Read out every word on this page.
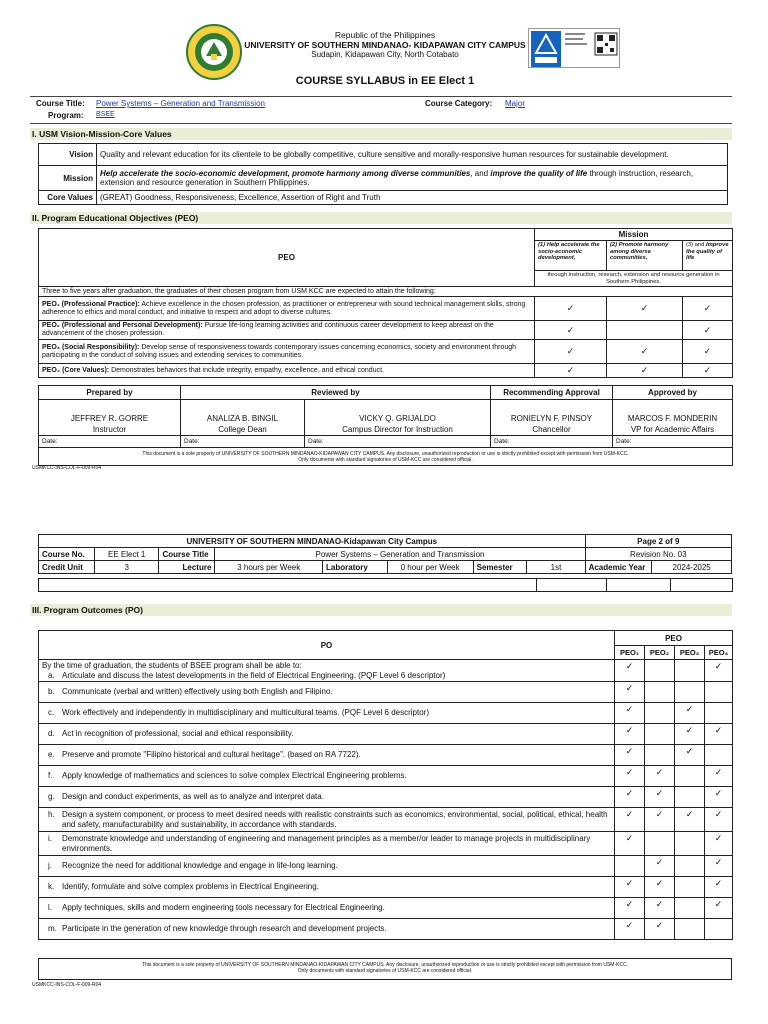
Republic of the Philippines
UNIVERSITY OF SOUTHERN MINDANAO- KIDAPAWAN CITY CAMPUS
Sudapin, Kidapawan City, North Cotabato
COURSE SYLLABUS in EE Elect 1
Course Title: Power Systems – Generation and Transmission	Course Category: Major
Program: BSEE
I. USM Vision-Mission-Core Values
Vision	Quality and relevant education for its clientele to be globally competitive, culture sensitive and morally-responsive human resources for sustainable development.
Mission	Help accelerate the socio-economic development, promote harmony among diverse communities, and improve the quality of life through instruction, research, extension and resource generation in Southern Philippines.
Core Values	(GREAT) Goodness, Responsiveness, Excellence, Assertion of Right and Truth
II. Program Educational Objectives (PEO)
PEO	Mission		
	(1) Help accelerate the socio-economic development,	(2) Promote harmony among diverse communities,	(3) and Improve the quality of life
	through instruction, research, extension and resource generation in Southern Philippines.		
Three to five years after graduation, the graduates of their chosen program from USM KCC are expected to attain the following:			
PEO₁ (Professional Practice): Achieve excellence in the chosen profession, as practitioner or entrepreneur with sound technical management skills, strong adherence to ethics and moral conduct, and initiative to respect and adopt to diverse cultures.	✓	✓	✓
PEO₂ (Professional and Personal Development): Pursue life-long learning activities and continuous career development to keep abreast on the advancement of the chosen profession.	✓		✓
PEO₃ (Social Responsibility): Develop sense of responsiveness towards contemporary issues concerning economics, society and environment through participating in the conduct of solving issues and extending services to communities.	✓	✓	✓
PEO₄ (Core Values): Demonstrates behaviors that include integrity, empathy, excellence, and ethical conduct.	✓	✓	✓
Prepared by	Reviewed by		Recommending Approval	Approved by
JEFFREY R. GORRE	ANALIZA B. BINGIL	VICKY Q. GRIJALDO	RONIELYN F. PINSOY	MARCOS F. MONDERIN
Instructor	College Dean	Campus Director for Instruction	Chancellor	VP for Academic Affairs
Date:	Date:	Date:	Date:	Date:

This document is a sole property of UNIVERSITY OF SOUTHERN MINDANAO-KIDAPAWAN CITY CAMPUS. Any disclosure, unauthorized reproduction or use is strictly prohibited except with permission from USM-KCC.
Only documents with standard signatories of USM-KCC are considered official.				
USMKCC-INS-COL-F-009-R04
UNIVERSITY OF SOUTHERN MINDANAO-Kidapawan City Campus								Page 2 of 9	
Course No.	EE Elect 1	Course Title	Power Systems – Generation and Transmission					Revision No. 03	
Credit Unit	3	Lecture	3 hours per Week	Laboratory	0 hour per Week	Semester	1st	Academic Year	2024-2025

III. Program Outcomes (PO)
PO	PEO			
	PEO₁	PEO₂	PEO₃	PEO₄

By the time of graduation, the students of BSEE program shall be able to:
a. Articulate and discuss the latest developments in the field of Electrical Engineering. (PQF Level 6 descriptor)	✓			✓

b. Communicate (verbal and written) effectively using both English and Filipino.	✓			

c. Work effectively and independently in multidisciplinary and multicultural teams. (PQF Level 6 descriptor)	✓		✓	

d. Act in recognition of professional, social and ethical responsibility.	✓		✓	✓

e. Preserve and promote "Filipino historical and cultural heritage". (based on RA 7722).	✓		✓	

f. Apply knowledge of mathematics and sciences to solve complex Electrical Engineering problems.	✓	✓		✓

g. Design and conduct experiments, as well as to analyze and interpret data.	✓	✓		✓

h. Design a system component, or process to meet desired needs with realistic constraints such as economics, environmental, social, political, ethical, health and safety, manufacturability and sustainability, in accordance with standards.	✓	✓	✓	✓

i. Demonstrate knowledge and understanding of engineering and management principles as a member/or leader to manage projects in multidisciplinary environments.	✓			✓

j. Recognize the need for additional knowledge and engage in life-long learning.		✓		✓

k. Identify, formulate and solve complex problems in Electrical Engineering.	✓	✓		✓

l. Apply techniques, skills and modern engineering tools necessary for Electrical Engineering.	✓	✓		✓

m. Participate in the generation of new knowledge through research and development projects.	✓	✓		
This document is a sole property of UNIVERSITY OF SOUTHERN MINDANAO-KIDAPAWAN CITY CAMPUS. Any disclosure, unauthorized reproduction or use is strictly prohibited except with permission from USM-KCC.
Only documents with standard signatories of USM-KCC are considered official.
USMKCC-INS-COL-F-009-R04
